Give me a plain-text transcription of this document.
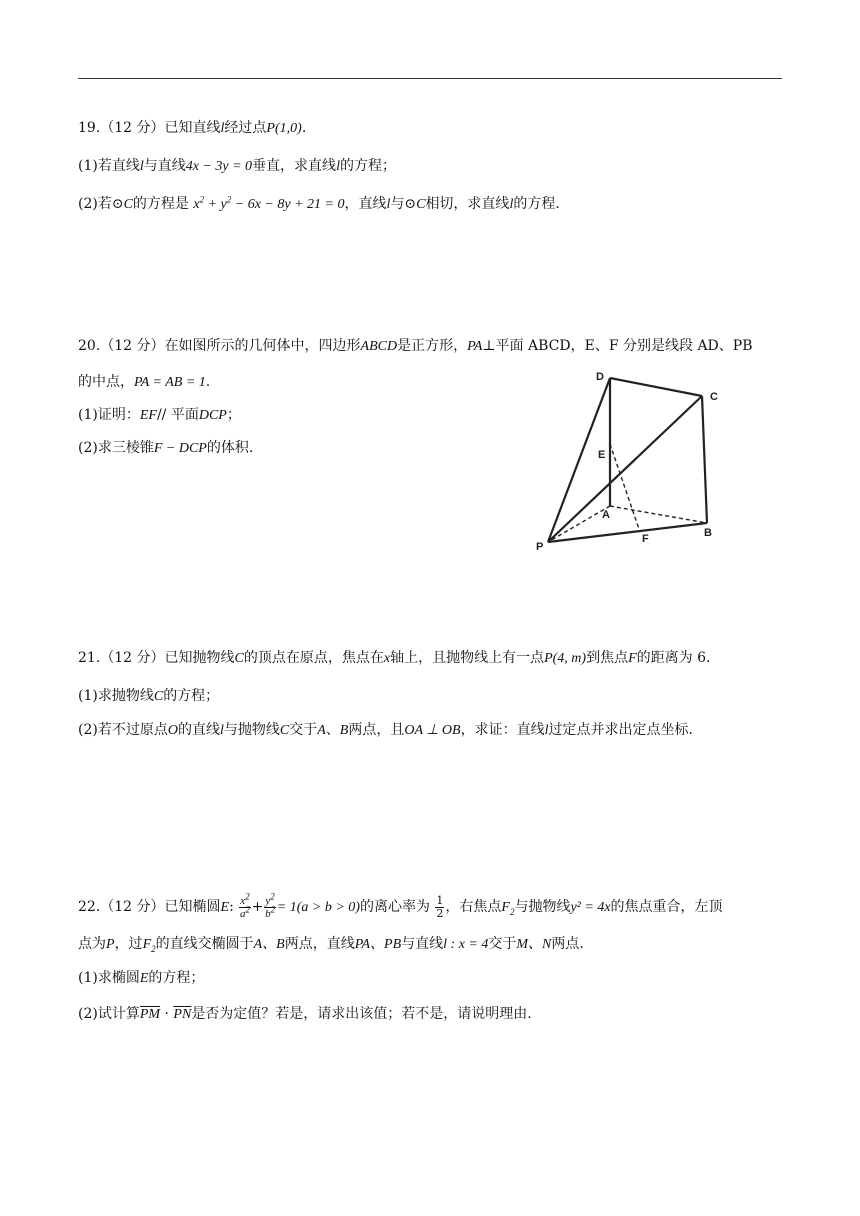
19.（12 分）已知直线l经过点P(1,0).
(1)若直线l与直线4x − 3y = 0垂直，求直线l的方程；
(2)若⊙C的方程是 $x^2 + y^2 - 6x - 8y + 21 = 0$，直线l与⊙C相切，求直线l的方程.
20.（12 分）在如图所示的几何体中，四边形ABCD是正方形，PA⊥平面 ABCD，E、F 分别是线段 AD、PB
的中点，PA = AB = 1.
(1)证明：EF// 平面DCP；
(2)求三棱锥F − DCP的体积.
D
C
E
A
P
F	B
21.（12 分）已知抛物线C的顶点在原点，焦点在x轴上，且抛物线上有一点P(4, m)到焦点F的距离为 6.
(1)求抛物线C的方程；
(2)若不过原点O的直线l与抛物线C交于A、B两点，且OA ⊥ OB，求证：直线l过定点并求出定点坐标.
22.（12 分）已知椭圆E: $\frac{x^2}{a^2} + \frac{y^2}{b^2} = 1(a > b > 0)$的离心率为 $\frac{1}{2}$ ，右焦点$F_2$与抛物线y² = 4x的焦点重合，左顶
点为P，过$F_2$的直线交椭圆于A、B两点，直线PA、PB与直线l : x = 4交于M、N两点.
(1)求椭圆E的方程；
(2)试计算$\overline{PM} \cdot \overline{PN}$是否为定值？若是，请求出该值；若不是，请说明理由.
